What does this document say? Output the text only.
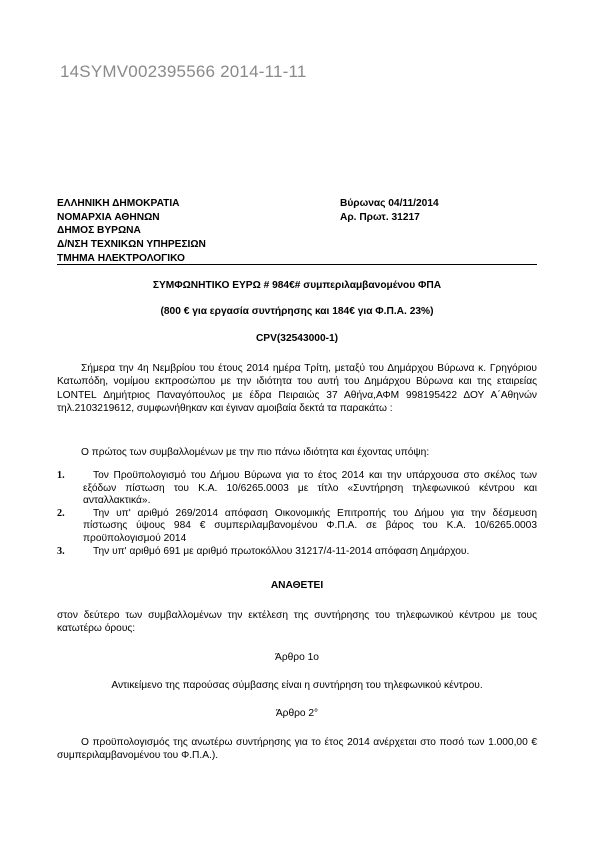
14SYMV002395566 2014-11-11
ΕΛΛΗΝΙΚΗ ΔΗΜΟΚΡΑΤΙΑ
ΝΟΜΑΡΧΙΑ ΑΘΗΝΩΝ
ΔΗΜΟΣ ΒΥΡΩΝΑ
Δ/ΝΣΗ ΤΕΧΝΙΚΩΝ ΥΠΗΡΕΣΙΩΝ
ΤΜΗΜΑ ΗΛΕΚΤΡΟΛΟΓΙΚΟ
Βύρωνας 04/11/2014
Αρ. Πρωτ. 31217
ΣΥΜΦΩΝΗΤΙΚΟ ΕΥΡΩ # 984€# συμπεριλαμβανομένου ΦΠΑ
(800 € για εργασία συντήρησης και 184€ για Φ.Π.Α. 23%)
CPV(32543000-1)

Σήμερα την 4η Νεμβρίου του έτους 2014 ημέρα Τρίτη, μεταξύ του Δημάρχου Βύρωνα κ. Γρηγόριου Κατωπόδη, νομίμου εκπροσώπου με την ιδιότητα του αυτή του Δημάρχου Βύρωνα και της εταιρείας LONTEL Δημήτριος Παναγόπουλος με έδρα Πειραιώς 37 Αθήνα,ΑΦΜ 998195422 ΔΟΥ Α΄Αθηνών τηλ.2103219612, συμφωνήθηκαν και έγιναν αμοιβαία δεκτά τα παρακάτω :

Ο πρώτος των συμβαλλομένων με την πιο πάνω ιδιότητα και έχοντας υπόψη:

1.	Τον Προϋπολογισμό του Δήμου Βύρωνα για το έτος 2014 και την υπάρχουσα στο σκέλος των εξόδων πίστωση του Κ.Α. 10/6265.0003 με τίτλο «Συντήρηση τηλεφωνικού κέντρου και ανταλλακτικά».
2.	Την υπ' αριθμό 269/2014 απόφαση Οικονομικής Επιτροπής του Δήμου για την δέσμευση πίστωσης ύψους 984 € συμπεριλαμβανομένου Φ.Π.Α. σε βάρος του Κ.Α. 10/6265.0003 προϋπολογισμού 2014
3.	Την υπ' αριθμό 691 με αριθμό πρωτοκόλλου 31217/4-11-2014 απόφαση Δημάρχου.
ΑΝΑΘΕΤΕΙ

στον δεύτερο των συμβαλλομένων την εκτέλεση της συντήρησης του τηλεφωνικού κέντρου με τους κατωτέρω όρους:

Άρθρο 1ο
Αντικείμενο της παρούσας σύμβασης είναι η συντήρηση του τηλεφωνικού κέντρου.
Άρθρο 2°

Ο προϋπολογισμός της ανωτέρω συντήρησης για το έτος 2014 ανέρχεται στο ποσό των 1.000,00 € συμπεριλαμβανομένου του Φ.Π.Α.).
